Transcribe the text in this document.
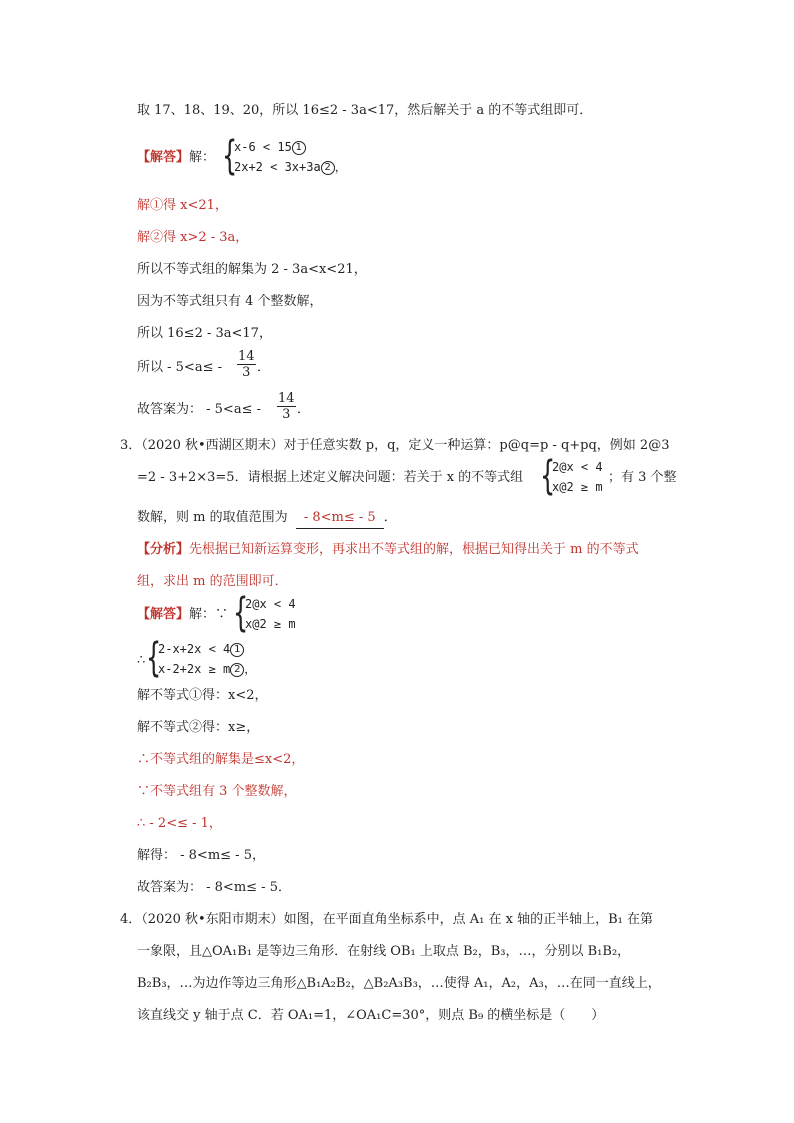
取 17、18、19、20，所以 16≤2 - 3a<17，然后解关于 a 的不等式组即可．
【解答】解： {
x-6 < 15 1
2x+2 < 3x+3a 2 ，
解①得 x<21，
解②得 x>2 - 3a，
所以不等式组的解集为 2 - 3a<x<21，
因为不等式组只有 4 个整数解，
所以 16≤2 - 3a<17，
所以 - $5<a\le - \frac{14}{3}$ ．
故答案为： - $5<a\le - \frac{14}{3}$ ．
3．（2020 秋•西湖区期末）对于任意实数 p，q，定义一种运算：p@q=p - q+pq，例如 2@3
=2 - 3+2×3=5．请根据上述定义解决问题：若关于 x 的不等式组 {
2@x < 4
x@2 ≥ m
；有 3 个整
数解，则 m 的取值范围为  - 8<m≤ - 5 ．
【分析】先根据已知新运算变形，再求出不等式组的解，根据已知得出关于 m 的不等式
组，求出 m 的范围即可．
【解答】解：∵ {
2@x < 4
x@2 ≥ m
∴ {
2-x+2x < 4 1
x-2+2x ≥ m 2 ，
解不等式①得：x<2，
解不等式②得：x≥，
∴不等式组的解集是≤x<2，
∵不等式组有 3 个整数解，
∴ - 2<≤ - 1，
解得： - 8<m≤ - 5，
故答案为： - 8<m≤ - 5．
4．（2020 秋•东阳市期末）如图，在平面直角坐标系中，点 A₁ 在 x 轴的正半轴上，B₁ 在第
一象限，且△OA₁B₁ 是等边三角形．在射线 OB₁ 上取点 B₂，B₃，…，分别以 B₁B₂，
B₂B₃，…为边作等边三角形△B₁A₂B₂，△B₂A₃B₃，…使得 A₁，A₂，A₃，…在同一直线上，
该直线交 y 轴于点 C．若 OA₁=1，∠OA₁C=30°，则点 B₉ 的横坐标是（　　）
